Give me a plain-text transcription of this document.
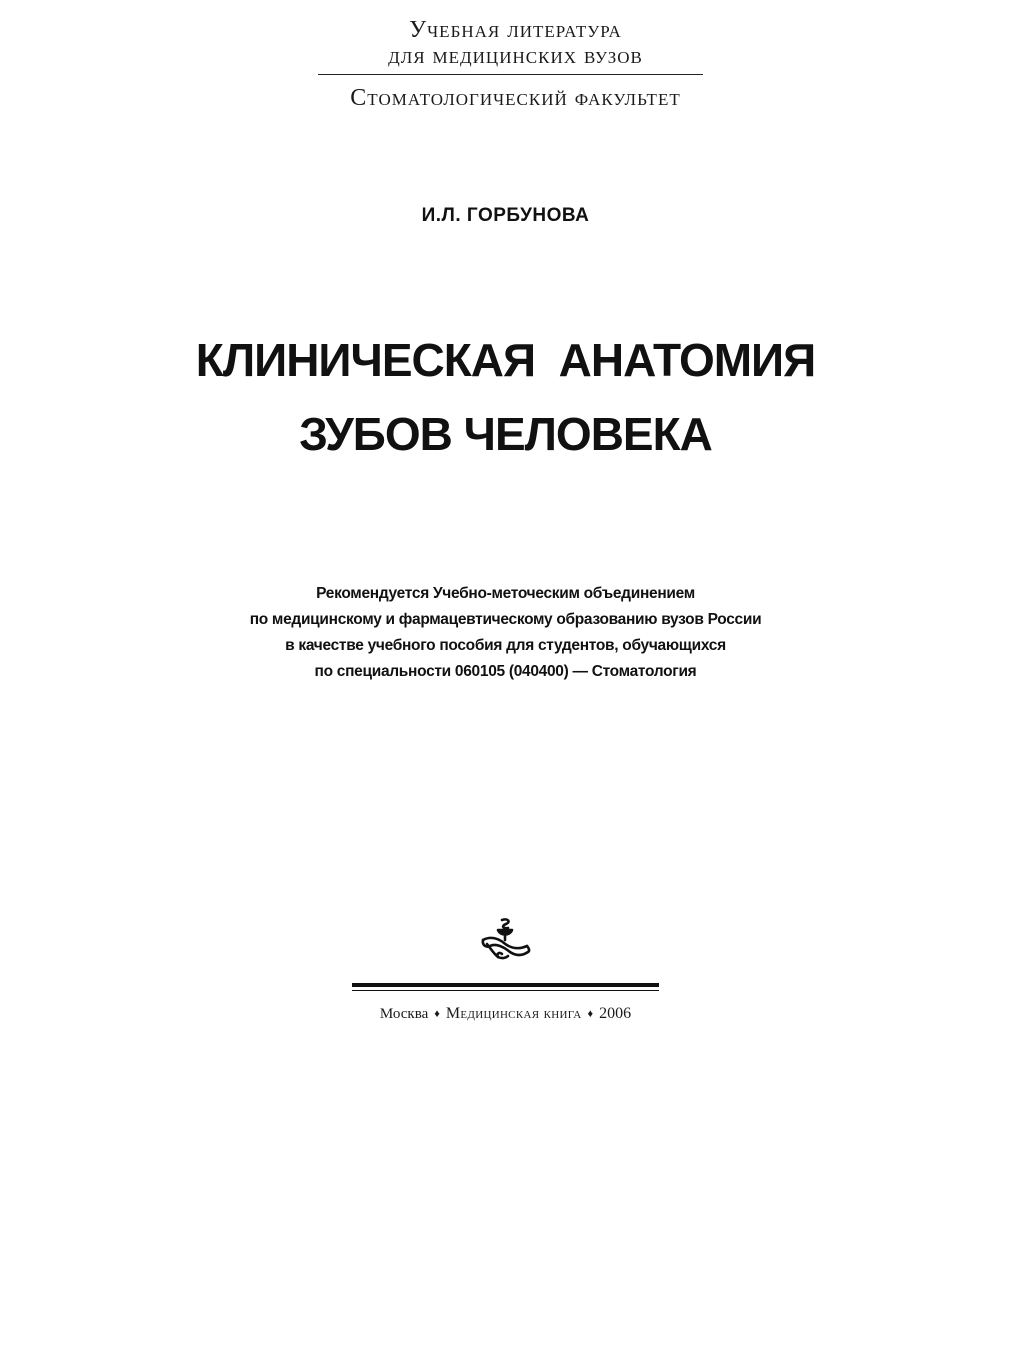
Учебная литература
для медицинских вузов
Стоматологический факультет
И.Л. ГОРБУНОВА
КЛИНИЧЕСКАЯ  АНАТОМИЯ
ЗУБОВ ЧЕЛОВЕКА
Рекомендуется Учебно-меточеским объединением
по медицинскому и фармацевтическому образованию вузов России
в качестве учебного пособия для студентов, обучающихся
по специальности 060105 (040400) — Стоматология
Москва ♦ Медицинская книга ♦ 2006
